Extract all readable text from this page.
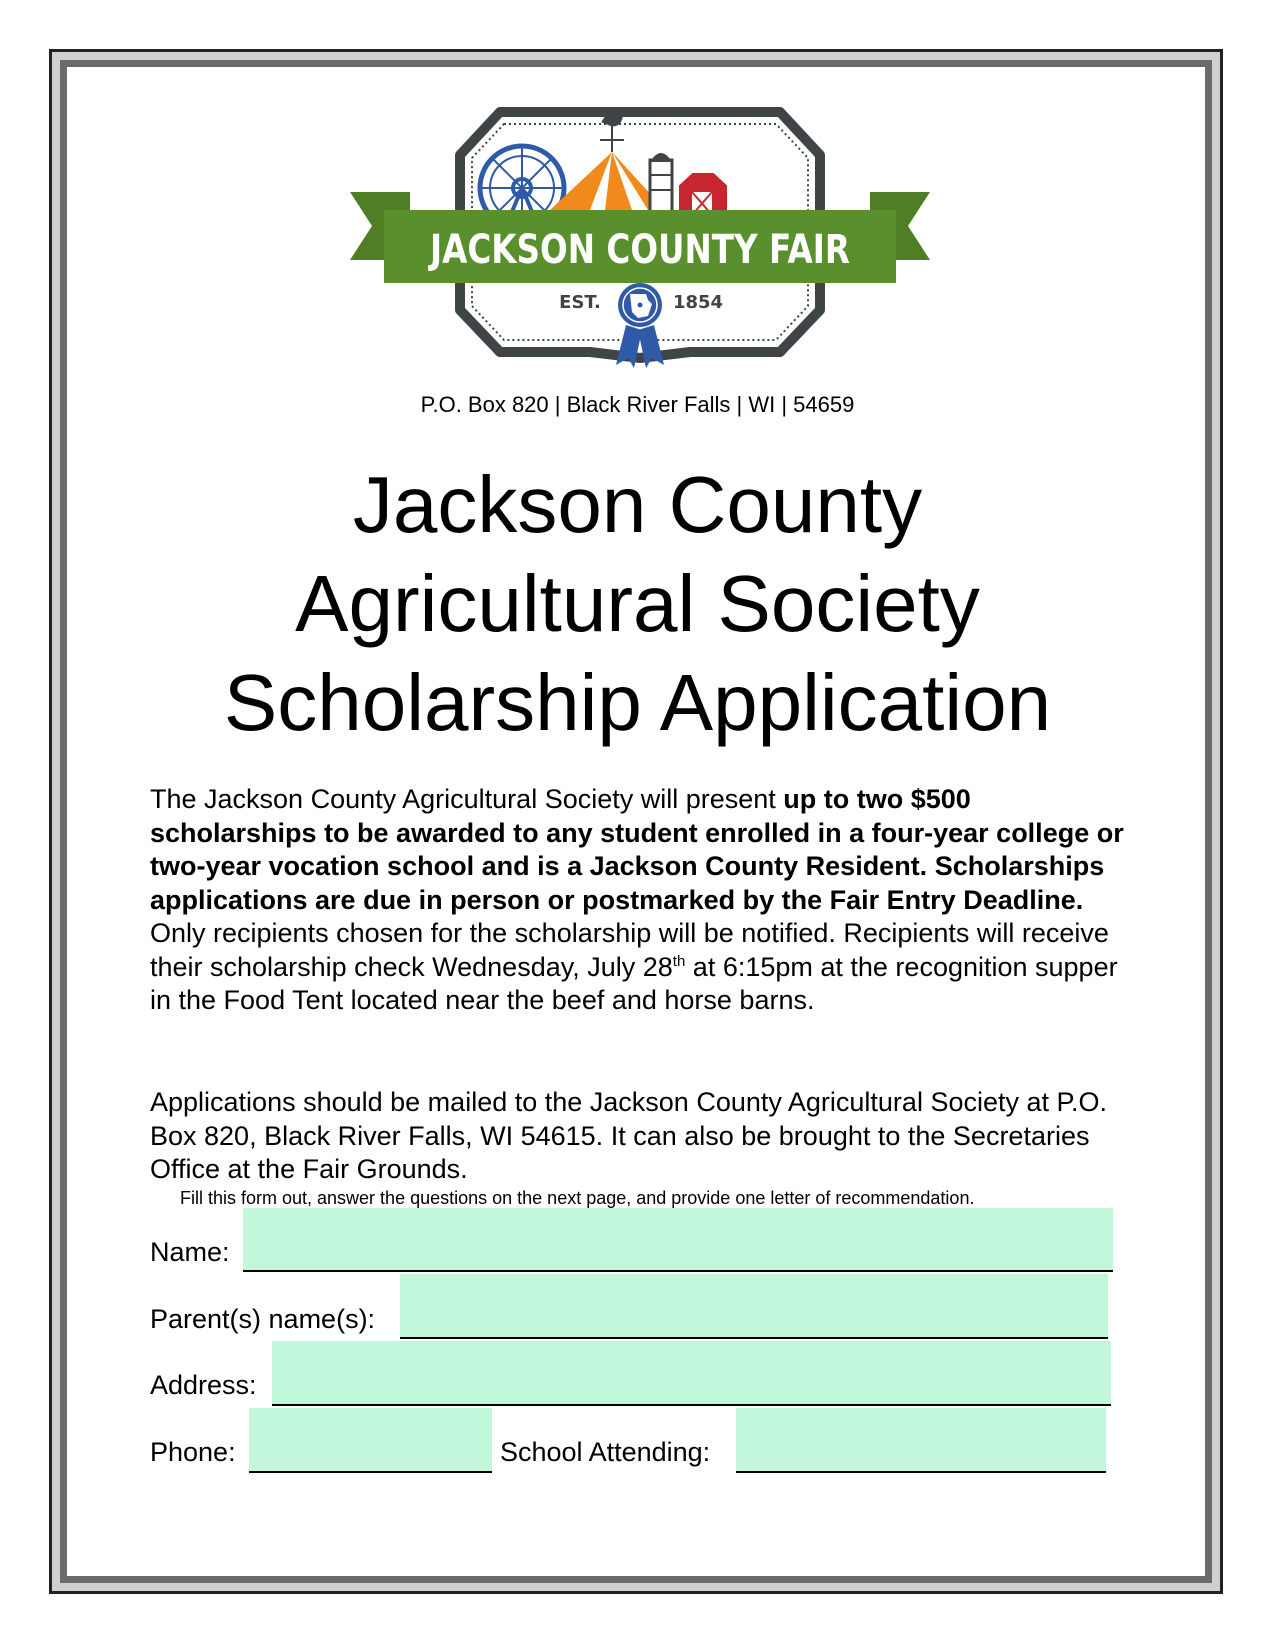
JACKSON COUNTY FAIR
EST.	1854
P.O. Box 820 | Black River Falls | WI | 54659
Jackson County
Agricultural Society
Scholarship Application

The Jackson County Agricultural Society will present up to two $500 scholarships to be awarded to any student enrolled in a four-year college or two-year vocation school and is a Jackson County Resident. Scholarships applications are due in person or postmarked by the Fair Entry Deadline. Only recipients chosen for the scholarship will be notified. Recipients will receive their scholarship check Wednesday, July 28th at 6:15pm at the recognition supper in the Food Tent located near the beef and horse barns.

Applications should be mailed to the Jackson County Agricultural Society at P.O. Box 820, Black River Falls, WI 54615. It can also be brought to the Secretaries Office at the Fair Grounds.

Fill this form out, answer the questions on the next page, and provide one letter of recommendation.
Name:
Parent(s) name(s):
Address:
Phone:	School Attending:
